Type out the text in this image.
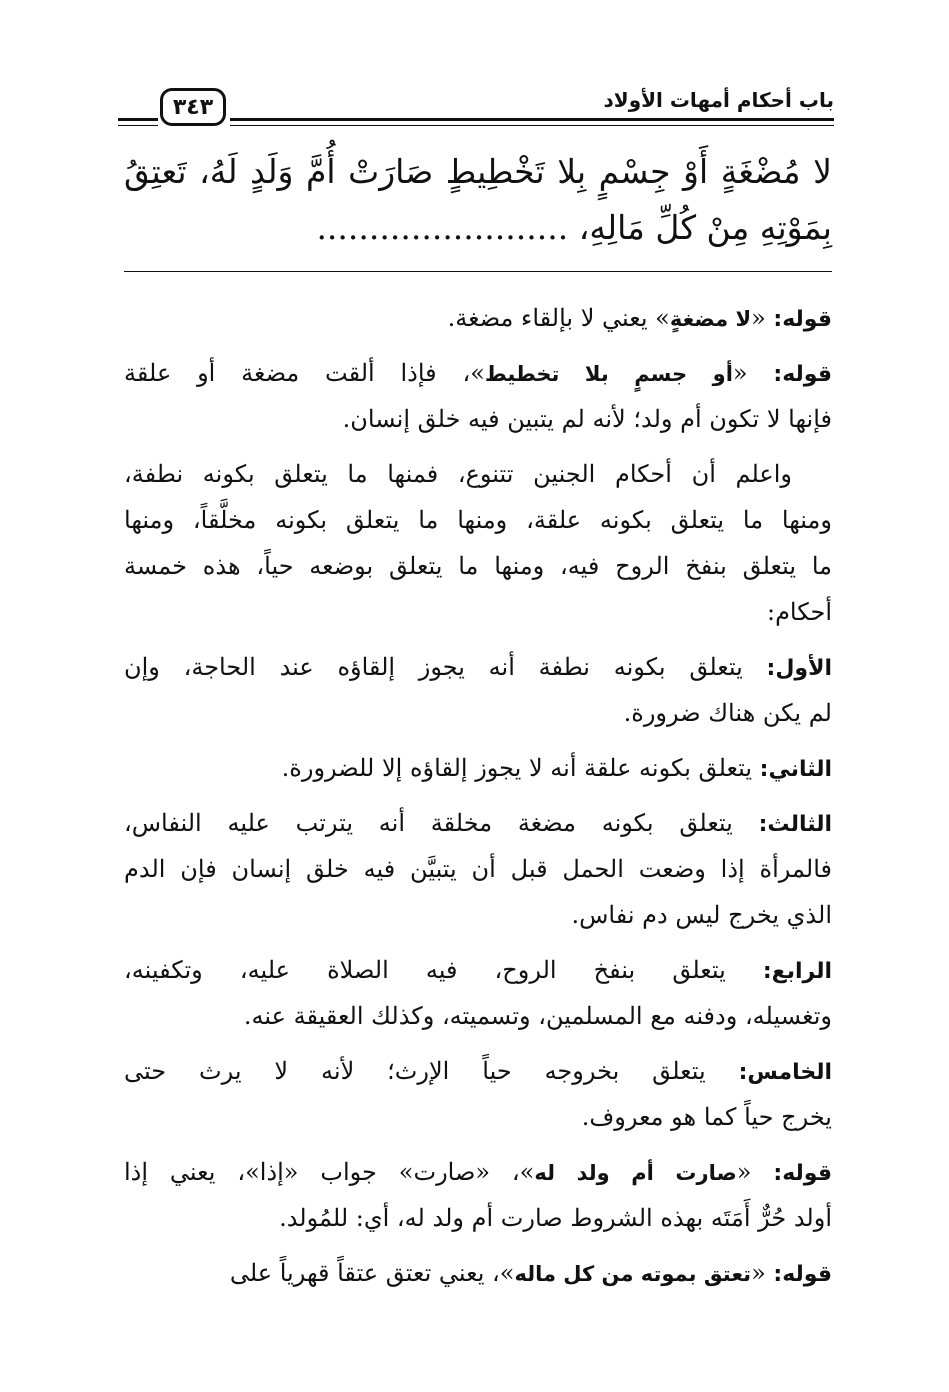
باب أحكام أمهات الأولاد
٣٤٣
لا مُضْغَةٍ أَوْ جِسْمٍ بِلا تَخْطِيطٍ صَارَتْ أُمَّ وَلَدٍ لَهُ، تَعتِقُ
بِمَوْتِهِ مِنْ كُلِّ مَالِهِ، ........................
قوله: «لا مضغةٍ» يعني لا بإلقاء مضغة.
قوله: «أو جسمٍ بلا تخطيط»، فإذا ألقت مضغة أو علقة
فإنها لا تكون أم ولد؛ لأنه لم يتبين فيه خلق إنسان.
واعلم أن أحكام الجنين تتنوع، فمنها ما يتعلق بكونه نطفة،
ومنها ما يتعلق بكونه علقة، ومنها ما يتعلق بكونه مخلَّقاً، ومنها
ما يتعلق بنفخ الروح فيه، ومنها ما يتعلق بوضعه حياً، هذه خمسة
أحكام:
الأول: يتعلق بكونه نطفة أنه يجوز إلقاؤه عند الحاجة، وإن
لم يكن هناك ضرورة.
الثاني: يتعلق بكونه علقة أنه لا يجوز إلقاؤه إلا للضرورة.
الثالث: يتعلق بكونه مضغة مخلقة أنه يترتب عليه النفاس،
فالمرأة إذا وضعت الحمل قبل أن يتبيَّن فيه خلق إنسان فإن الدم
الذي يخرج ليس دم نفاس.
الرابع: يتعلق بنفخ الروح، فيه الصلاة عليه، وتكفينه،
وتغسيله، ودفنه مع المسلمين، وتسميته، وكذلك العقيقة عنه.
الخامس: يتعلق بخروجه حياً الإرث؛ لأنه لا يرث حتى
يخرج حياً كما هو معروف.
قوله: «صارت أم ولد له»، «صارت» جواب «إذا»، يعني إذا
أولد حُرٌّ أَمَتَه بهذه الشروط صارت أم ولد له، أي: للمُولد.
قوله: «تعتق بموته من كل ماله»، يعني تعتق عتقاً قهرياً على
